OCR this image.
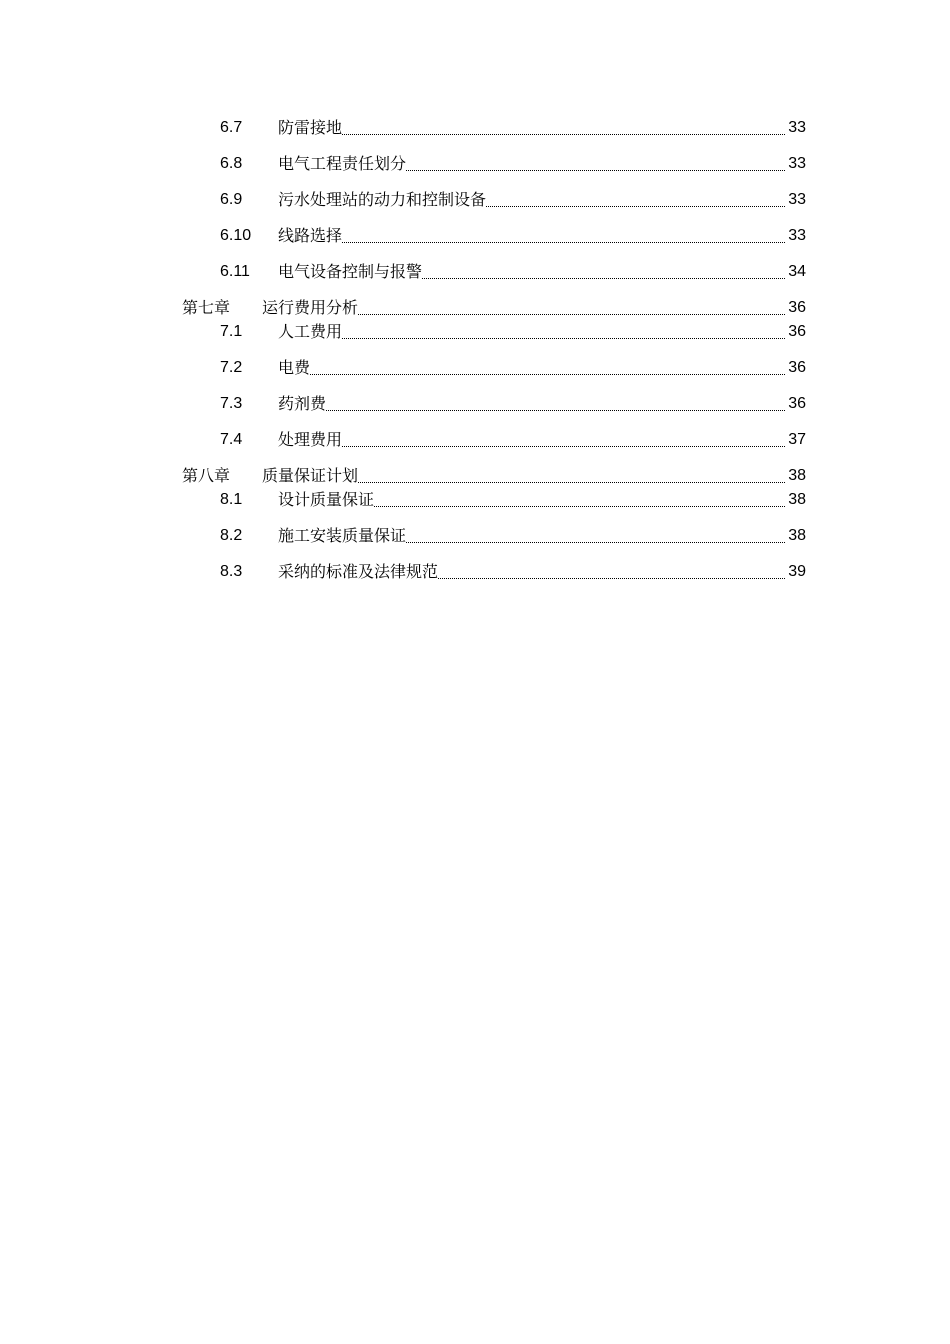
6.7 防雷接地	33
6.8 电气工程责任划分	33
6.9 污水处理站的动力和控制设备	33
6.10 线路选择	33
6.11 电气设备控制与报警	34
第七章 运行费用分析	36
7.1 人工费用	36
7.2 电费	36
7.3 药剂费	36
7.4 处理费用	37
第八章 质量保证计划	38
8.1 设计质量保证	38
8.2 施工安装质量保证	38
8.3 采纳的标准及法律规范	39
